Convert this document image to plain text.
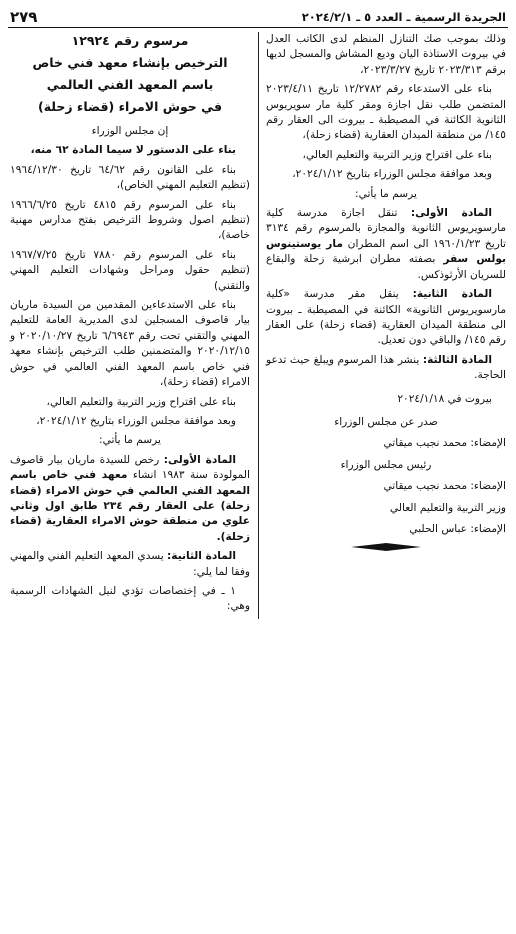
الجريدة الرسمية ـ العدد ٥ ـ ٢٠٢٤/٢/١
٢٧٩

وذلك بموجب صك التنازل المنظم لدى الكاتب العدل في بيروت الاستاذة اليان وديع المشاش والمسجل لديها برقم ٢٠٢٣/٣١٣ تاريخ ٢٠٢٣/٣/٢٧،

بناء على الاستدعاء رقم ١٢/٢٧٨٢ تاريخ ٢٠٢٣/٤/١١ المتضمن طلب نقل اجازة ومقر كلية مار سويريوس الثانوية الكائنة في المصيطبة ـ بيروت الى العقار رقم ١٤٥/ من منطقة الميدان العقارية (قضاء زحلة)،

بناء على اقتراح وزير التربية والتعليم العالي،

وبعد موافقة مجلس الوزراء بتاريخ ٢٠٢٤/١/١٢،

يرسم ما يأتي:

المادة الأولى: تنقل اجازة مدرسة كلية مارسويريوس الثانوية والمجازة بالمرسوم رقم ٣١٣٤ تاريخ ١٩٦٠/١/٢٣ الى اسم المطران مار يوستينوس بولس سفر بصفته مطران ابرشية زحلة والبقاع للسريان الأرثوذكس.

المادة الثانية: ينقل مقر مدرسة «كلية مارسويريوس الثانوية» الكائنة في المصيطبة ـ بيروت الى منطقة الميدان العقارية (قضاء زحلة) على العقار رقم ١٤٥/ والباقي دون تعديل.

المادة الثالثة: ينشر هذا المرسوم ويبلغ حيث تدعو الحاجة.

بيروت في ٢٠٢٤/١/١٨

صدر عن مجلس الوزراء

الإمضاء: محمد نجيب ميقاتي

رئيس مجلس الوزراء

الإمضاء: محمد نجيب ميقاتي

وزير التربية والتعليم العالي

الإمضاء: عباس الحلبي

مرسوم رقم ١٢٩٢٤

الترخيص بإنشاء معهد فني خاص

باسم المعهد الفني العالمي

في حوش الامراء (قضاء زحلة)

إن مجلس الوزراء

بناء على الدستور لا سيما المادة ٦٢ منه،

بناء على القانون رقم ٦٤/٦٢ تاريخ ١٩٦٤/١٢/٣٠ (تنظيم التعليم المهني الخاص)،

بناء على المرسوم رقم ٤٨١٥ تاريخ ١٩٦٦/٦/٢٥ (تنظيم اصول وشروط الترخيص بفتح مدارس مهنية خاصة)،

بناء على المرسوم رقم ٧٨٨٠ تاريخ ١٩٦٧/٧/٢٥ (تنظيم حقول ومراحل وشهادات التعليم المهني والتقني)

بناء على الاستدعاءين المقدمين من السيدة ماريان بيار قاصوف المسجلين لدى المديرية العامة للتعليم المهني والتقني تحت رقم ٦/٦٩٤٣ تاريخ ٢٠٢٠/١٠/٢٧ و ٢٠٢٠/١٢/١٥ والمتضمنين طلب الترخيص بإنشاء معهد فني خاص باسم المعهد الفني العالمي في حوش الامراء (قضاء زحلة)،

بناء على اقتراح وزير التربية والتعليم العالي،

وبعد موافقة مجلس الوزراء بتاريخ ٢٠٢٤/١/١٢،

يرسم ما يأتي:

المادة الأولى: رخص للسيدة ماريان بيار قاصوف المولودة سنة ١٩٨٣ انشاء معهد فني خاص باسم المعهد الفني العالمي في حوش الامراء (قضاء زحلة) على العقار رقم ٢٣٤ طابق اول وثاني علوي من منطقة حوش الامراء العقارية (قضاء زحلة).

المادة الثانية: يسدي المعهد التعليم الفني والمهني وفقا لما يلي:

١ ـ في إختصاصات تؤدي لنيل الشهادات الرسمية وهي:
